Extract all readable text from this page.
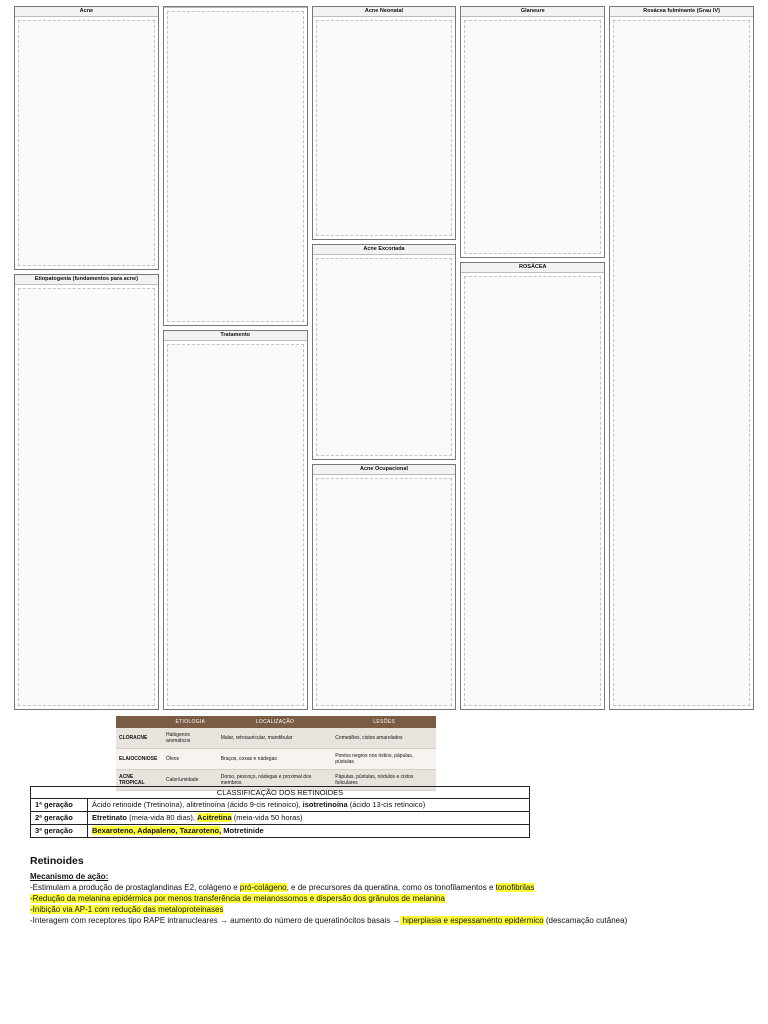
Acne
Etiopatogenia (fundamentos para acne)
Tratamento
Acne Neonatal
Acne Excoriada
Acne Ocupacional
Glaneure
ROSÁCEA
Rosácea fulminante (Grau IV)
	ETIOLOGIA	LOCALIZAÇÃO	LESÕES
CLORACNE	Halógenos aromáticos	Malar, retroauricular, mandibular	Comedões, cistos amarelados
ELAIOCONIOSE	Óleos	Braços, coxas e nádegas	Pontos negros nos óstios, pápulas, pústulas
ACNE TROPICAL	Calor/umidade	Dorso, pescoço, nádegas e proximal dos membros	Pápulas, pústulas, nódulos e cistos foliculares
CLASSIFICAÇÃO DOS RETINOIDES	
1ª geração	Ácido retinoide (Tretinoína), alitretinoína (ácido 9-cis retinoico), isotretinoína (ácido 13-cis retinoico)
2ª geração	Etretinato (meia-vida 80 dias), Acitretina (meia-vida 50 horas)
3ª geração	Bexaroteno, Adapaleno, Tazaroteno, Motretinide
Retinoides
Mecanismo de ação:
-Estimulam a produção de prostaglandinas E2, colágeno e pró-colágeno, e de precursores da queratina, como os tonofilamentos e tonofibrilas
-Redução da melanina epidérmica por menos transferência de melanossomos e dispersão dos grânulos de melanina
-Inibição via AP-1 com redução das metaloproteinases
-Interagem com receptores tipo RAPE intranucleares → aumento do número de queratinócitos basais → hiperplasia e espessamento epidérmico (descamação cutânea)
